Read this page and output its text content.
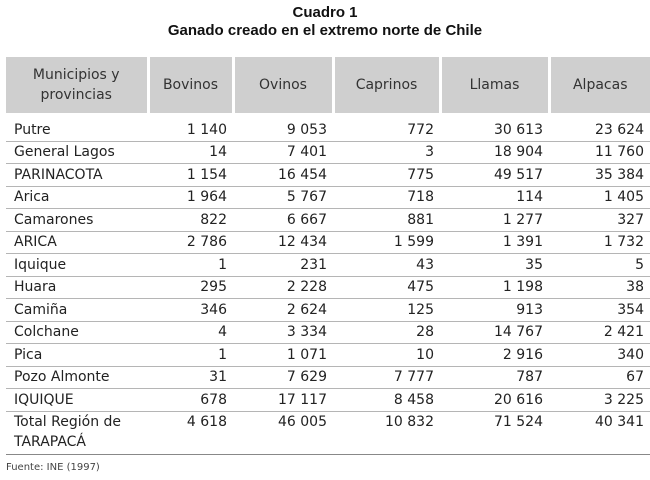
Cuadro 1
Ganado creado en el extremo norte de Chile
Municipios y provincias	Bovinos	Ovinos	Caprinos	Llamas	Alpacas
Putre	1 140	9 053	772	30 613	23 624
General Lagos	14	7 401	3	18 904	11 760
PARINACOTA	1 154	16 454	775	49 517	35 384
Arica	1 964	5 767	718	114	1 405
Camarones	822	6 667	881	1 277	327
ARICA	2 786	12 434	1 599	1 391	1 732
Iquique	1	231	43	35	5
Huara	295	2 228	475	1 198	38
Camiña	346	2 624	125	913	354
Colchane	4	3 334	28	14 767	2 421
Pica	1	1 071	10	2 916	340
Pozo Almonte	31	7 629	7 777	787	67
IQUIQUE	678	17 117	8 458	20 616	3 225
Total Región de TARAPACÁ	4 618	46 005	10 832	71 524	40 341
Fuente: INE (1997)
